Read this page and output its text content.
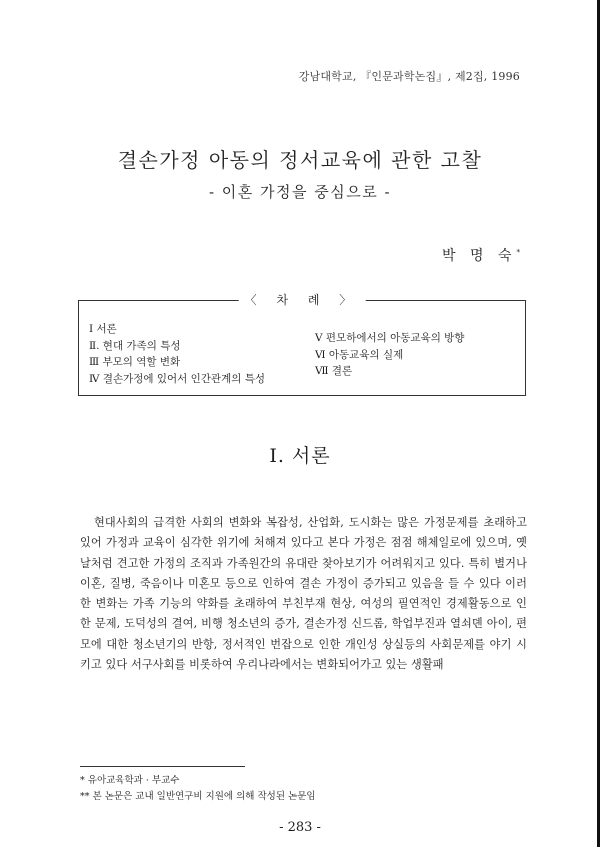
강남대학교, 『인문과학논집』, 제2집, 1996
결손가정 아동의 정서교육에 관한 고찰
- 이혼 가정을 중심으로 -
박 명 숙*
〈 차 례 〉
Ⅰ 서론
Ⅱ. 현대 가족의 특성
Ⅲ 부모의 역할 변화
Ⅳ 결손가정에 있어서 인간관계의 특성
Ⅴ 편모하에서의 아동교육의 방향
Ⅵ 아동교육의 실제
Ⅶ 결론
I. 서론

현대사회의 급격한 사회의 변화와 복잡성, 산업화, 도시화는 많은 가정문제를 초래하고 있어 가정과 교육이 심각한 위기에 처해져 있다고 본다 가정은 점점 해체일로에 있으며, 옛날처럼 견고한 가정의 조직과 가족원간의 유대란 찾아보기가 어려워지고 있다. 특히 별거나 이혼, 질병, 죽음이나 미혼모 등으로 인하여 결손 가정이 증가되고 있음을 들 수 있다 이러한 변화는 가족 기능의 약화를 초래하여 부친부재 현상, 여성의 필연적인 경제활동으로 인한 문제, 도덕성의 결여, 비행 청소년의 증가, 결손가정 신드롬, 학업부진과 열쇠뎬 아이, 편모에 대한 청소년기의 반항, 정서적인 번잡으로 인한 개인성 상실등의 사회문제를 야기 시키고 있다 서구사회를 비롯하여 우리나라에서는 변화되어가고 있는 생활패

* 유아교육학과 · 부교수
** 본 논문은 교내 일반연구비 지원에 의해 작성된 논문임
- 283 -
